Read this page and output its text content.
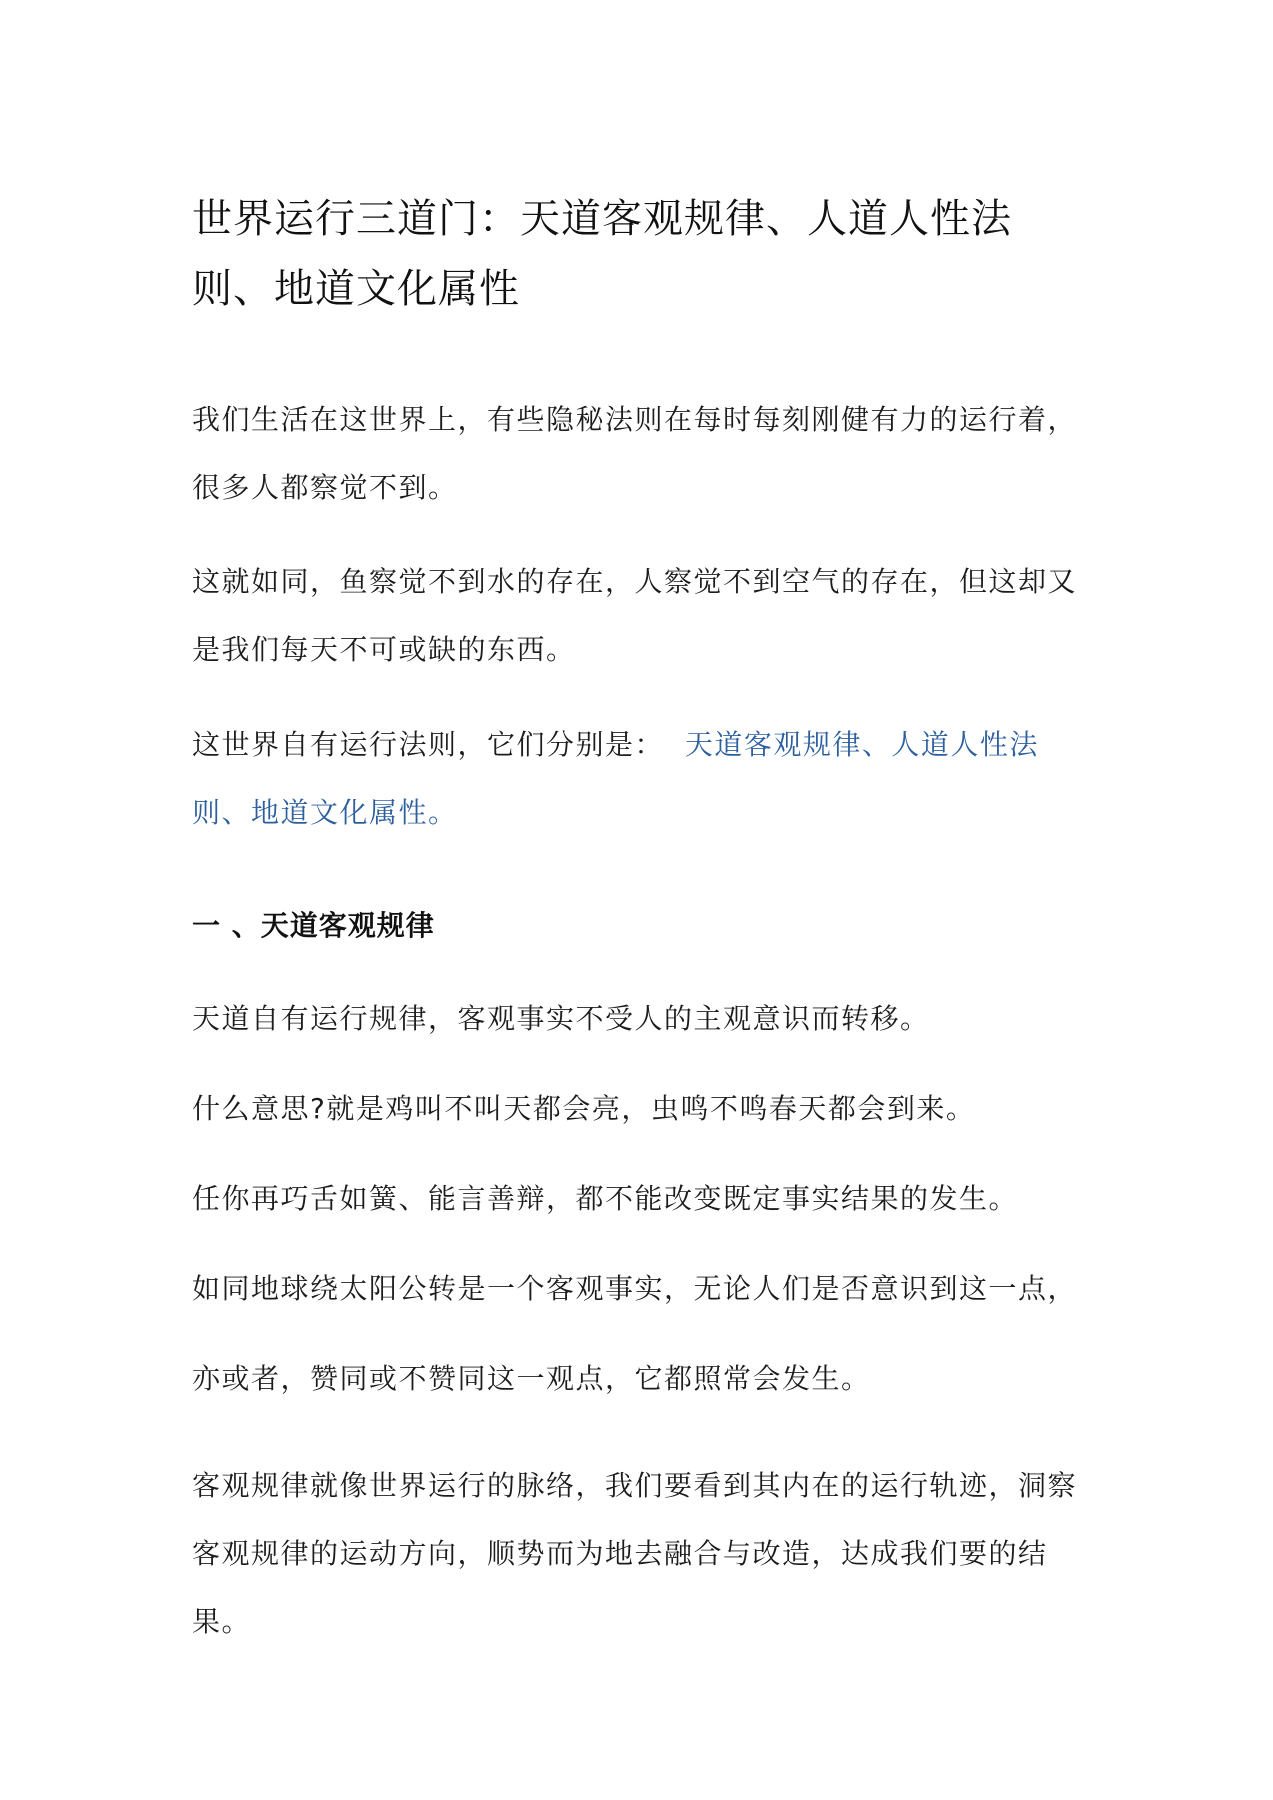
世界运行三道门：天道客观规律、人道人性法则、地道文化属性

我们生活在这世界上，有些隐秘法则在每时每刻刚健有力的运行着，很多人都察觉不到。

这就如同，鱼察觉不到水的存在，人察觉不到空气的存在，但这却又是我们每天不可或缺的东西。

这世界自有运行法则，它们分别是： 天道客观规律、人道人性法则、地道文化属性。

一 、天道客观规律

天道自有运行规律，客观事实不受人的主观意识而转移。

什么意思?就是鸡叫不叫天都会亮，虫鸣不鸣春天都会到来。

任你再巧舌如簧、能言善辩，都不能改变既定事实结果的发生。

如同地球绕太阳公转是一个客观事实，无论人们是否意识到这一点，

亦或者，赞同或不赞同这一观点，它都照常会发生。

客观规律就像世界运行的脉络，我们要看到其内在的运行轨迹，洞察客观规律的运动方向，顺势而为地去融合与改造，达成我们要的结果。
